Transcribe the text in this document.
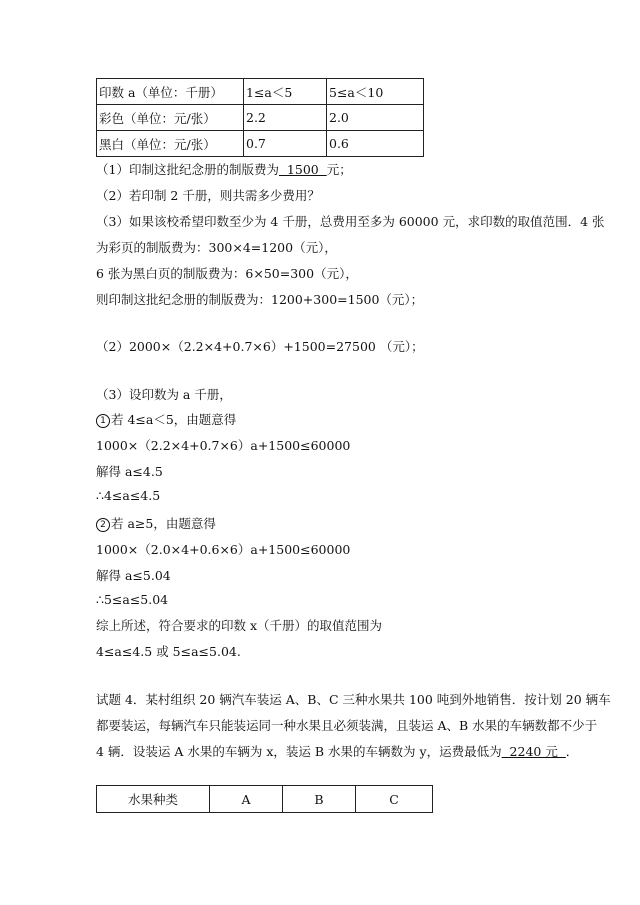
印数 a（单位：千册）	1≤a＜5	5≤a＜10
彩色（单位：元/张）	2.2	2.0
黑白（单位：元/张）	0.7	0.6
（1）印制这批纪念册的制版费为  1500  元；
（2）若印制 2 千册，则共需多少费用？
（3）如果该校希望印数至少为 4 千册，总费用至多为 60000 元，求印数的取值范围．4 张
为彩页的制版费为：300×4=1200（元），
6 张为黑白页的制版费为：6×50=300（元），
则印制这批纪念册的制版费为：1200+300=1500（元）；
（2）2000×（2.2×4+0.7×6）+1500=27500 （元）；
（3）设印数为 a 千册，
1 若 4≤a＜5，由题意得
1000×（2.2×4+0.7×6）a+1500≤60000
解得 a≤4.5
∴4≤a≤4.5
2 若 a≥5，由题意得
1000×（2.0×4+0.6×6）a+1500≤60000
解得 a≤5.04
∴5≤a≤5.04
综上所述，符合要求的印数 x（千册）的取值范围为
4≤a≤4.5 或 5≤a≤5.04.
试题 4．某村组织 20 辆汽车装运 A、B、C 三种水果共 100 吨到外地销售．按计划 20 辆车
都要装运，每辆汽车只能装运同一种水果且必须装满，且装运 A、B 水果的车辆数都不少于
4 辆．设装运 A 水果的车辆为 x，装运 B 水果的车辆数为 y，运费最低为  2240 元  ．
水果种类	A	B	C
